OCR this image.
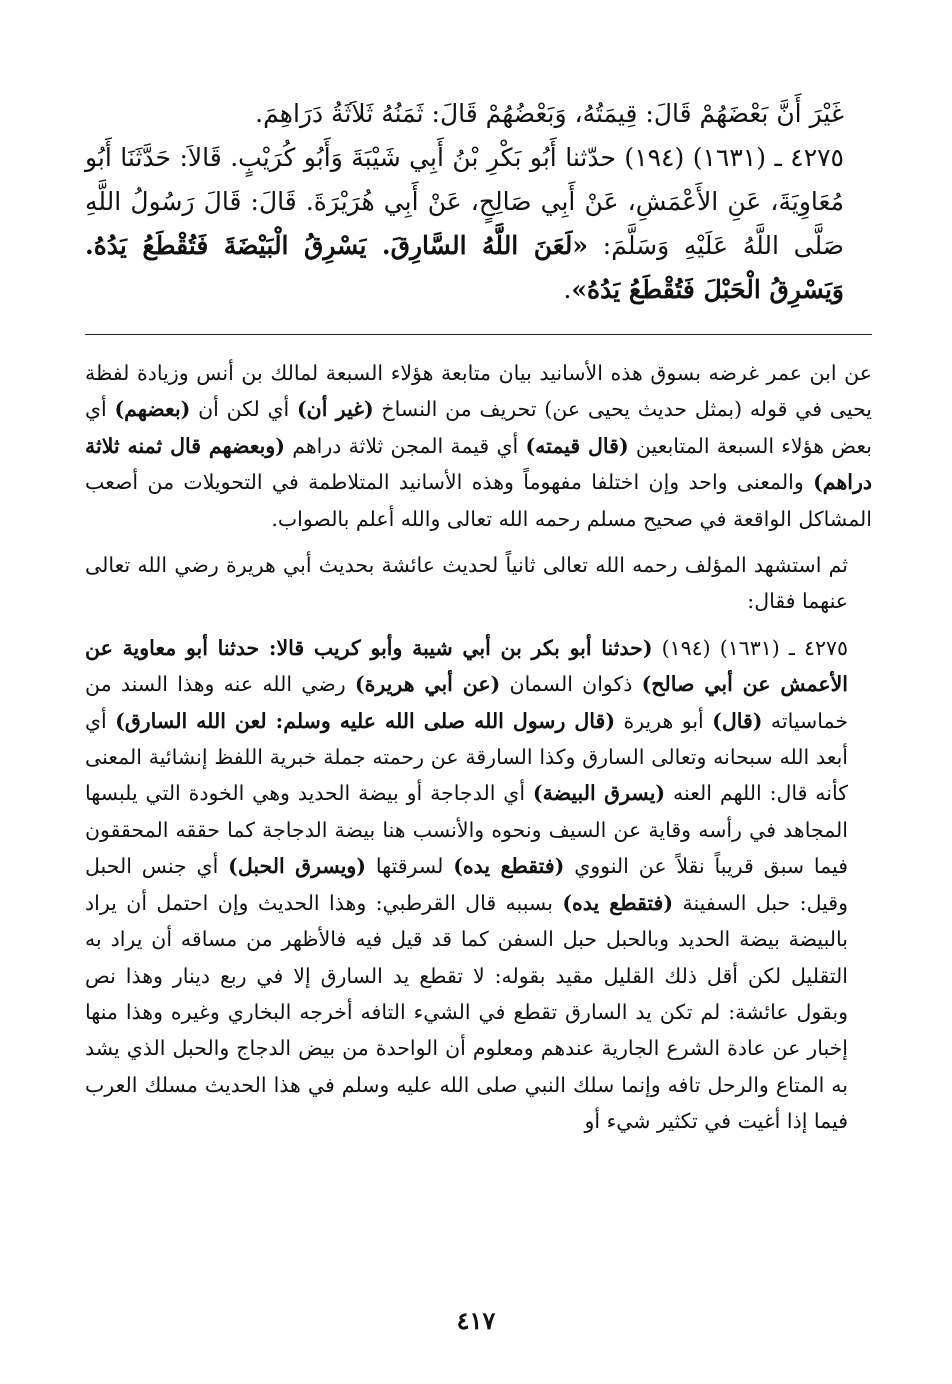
غَيْرَ أَنَّ بَعْضَهُمْ قَالَ: قِيمَتُهُ، وَبَعْضُهُمْ قَالَ: ثَمَنُهُ ثَلاَثَةُ دَرَاهِمَ.

٤٢٧٥ ـ (١٦٣١) (١٩٤) حدّثنا أَبُو بَكْرِ بْنُ أَبِي شَيْبَةَ وَأَبُو كُرَيْبٍ. قَالاَ: حَدَّثَنَا أَبُو مُعَاوِيَةَ، عَنِ الأَعْمَشِ، عَنْ أَبِي صَالِحٍ، عَنْ أَبِي هُرَيْرَةَ. قَالَ: قَالَ رَسُولُ اللَّهِ صَلَّى اللَّهُ عَلَيْهِ وَسَلَّمَ: «لَعَنَ اللَّهُ السَّارِقَ. يَسْرِقُ الْبَيْضَةَ فَتُقْطَعُ يَدُهُ. وَيَسْرِقُ الْحَبْلَ فَتُقْطَعُ يَدُهُ».

عن ابن عمر غرضه بسوق هذه الأسانيد بيان متابعة هؤلاء السبعة لمالك بن أنس وزيادة لفظة يحيى في قوله (بمثل حديث يحيى عن) تحريف من النساخ (غير أن) أي لكن أن (بعضهم) أي بعض هؤلاء السبعة المتابعين (قال قيمته) أي قيمة المجن ثلاثة دراهم (وبعضهم قال ثمنه ثلاثة دراهم) والمعنى واحد وإن اختلفا مفهوماً وهذه الأسانيد المتلاطمة في التحويلات من أصعب المشاكل الواقعة في صحيح مسلم رحمه الله تعالى والله أعلم بالصواب.

ثم استشهد المؤلف رحمه الله تعالى ثانياً لحديث عائشة بحديث أبي هريرة رضي الله تعالى عنهما فقال:

٤٢٧٥ ـ (١٦٣١) (١٩٤) (حدثنا أبو بكر بن أبي شيبة وأبو كريب قالا: حدثنا أبو معاوية عن الأعمش عن أبي صالح) ذكوان السمان (عن أبي هريرة) رضي الله عنه وهذا السند من خماسياته (قال) أبو هريرة (قال رسول الله صلى الله عليه وسلم: لعن الله السارق) أي أبعد الله سبحانه وتعالى السارق وكذا السارقة عن رحمته جملة خبرية اللفظ إنشائية المعنى كأنه قال: اللهم العنه (يسرق البيضة) أي الدجاجة أو بيضة الحديد وهي الخودة التي يلبسها المجاهد في رأسه وقاية عن السيف ونحوه والأنسب هنا بيضة الدجاجة كما حققه المحققون فيما سبق قريباً نقلاً عن النووي (فتقطع يده) لسرقتها (ويسرق الحبل) أي جنس الحبل وقيل: حبل السفينة (فتقطع يده) بسببه قال القرطبي: وهذا الحديث وإن احتمل أن يراد بالبيضة بيضة الحديد وبالحبل حبل السفن كما قد قيل فيه فالأظهر من مساقه أن يراد به التقليل لكن أقل ذلك القليل مقيد بقوله: لا تقطع يد السارق إلا في ربع دينار وهذا نص وبقول عائشة: لم تكن يد السارق تقطع في الشيء التافه أخرجه البخاري وغيره وهذا منها إخبار عن عادة الشرع الجارية عندهم ومعلوم أن الواحدة من بيض الدجاج والحبل الذي يشد به المتاع والرحل تافه وإنما سلك النبي صلى الله عليه وسلم في هذا الحديث مسلك العرب فيما إذا أغيت في تكثير شيء أو

٤١٧
